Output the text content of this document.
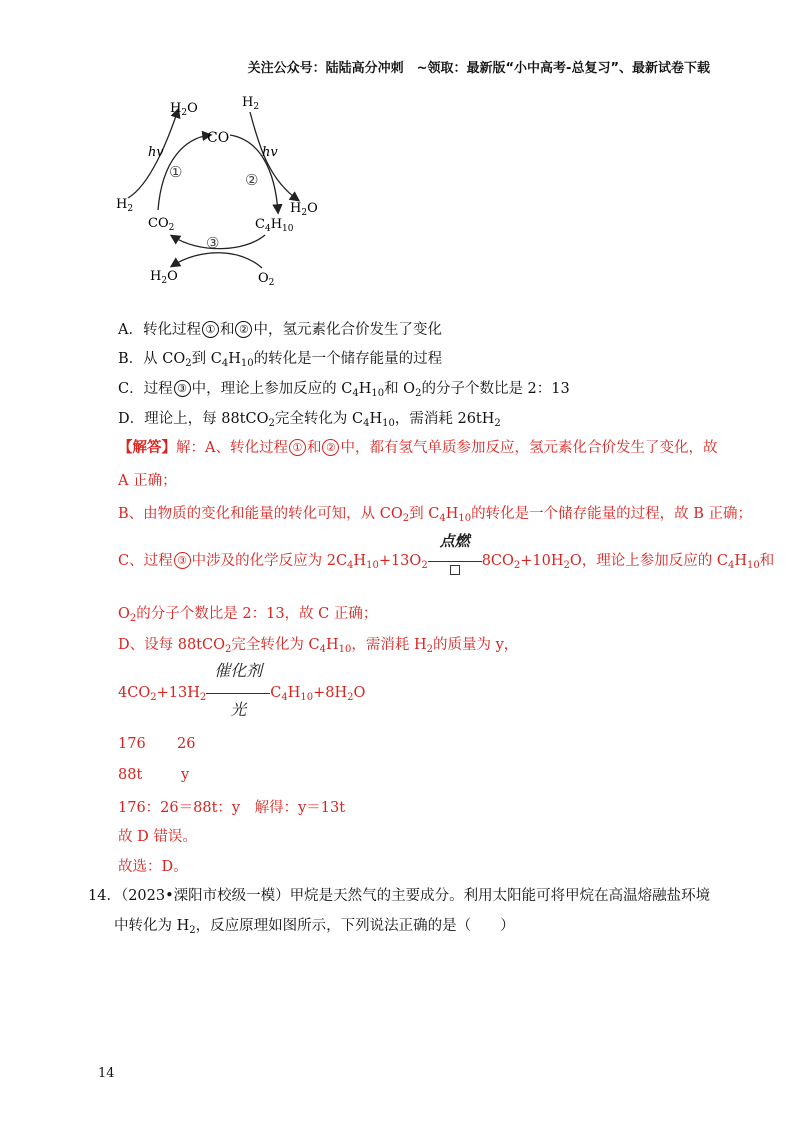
关注公众号：陆陆高分冲刺　~领取：最新版“小中高考-总复习”、最新试卷下载
$H_2O$	$H_2$
CO
hv	hv
①	②
$H_2O$
$H_2$
$CO_2$	$C_4H_{10}$
③
$H_2O$	$O_2$
A．转化过程 ① 和 ② 中，氢元素化合价发生了变化
B．从 $CO_2$到 $C_4H_{10}$的转化是一个储存能量的过程
C．过程 ③ 中，理论上参加反应的 $C_4H_{10}$和 $O_2$的分子个数比是 2：13
D．理论上，每 88tCO$_2$完全转化为 $C_4H_{10}$，需消耗 $26tH_2$
【解答】解：A、转化过程 ① 和 ② 中，都有氢气单质参加反应，氢元素化合价发生了变化，故
A 正确；
B、由物质的变化和能量的转化可知，从 $CO_2$到 $C_4H_{10}$的转化是一个储存能量的过程，故 B 正确；
C、过程 ③ 中涉及的化学反应为 $2C_4H_{10}+13O_2$
点燃
$8CO_2+10H_2O$，理论上参加反应的 $C_4H_{10}$和
$O_2$的分子个数比是 2：13，故 C 正确；
D、设每 88tCO$_2$完全转化为 $C_4H_{10}$，需消耗 $H_2$的质量为 y，
$4CO_2+13H_2$
催化剂
光
$C_4H_{10}+8H_2O$
176 26
88t	y
176：26＝88t：y　解得：y＝13t
故 D 错误。
故选：D。
14．（2023•溧阳市校级一模）甲烷是天然气的主要成分。利用太阳能可将甲烷在高温熔融盐环境
中转化为 $H_2$，反应原理如图所示，下列说法正确的是（　　）
14
